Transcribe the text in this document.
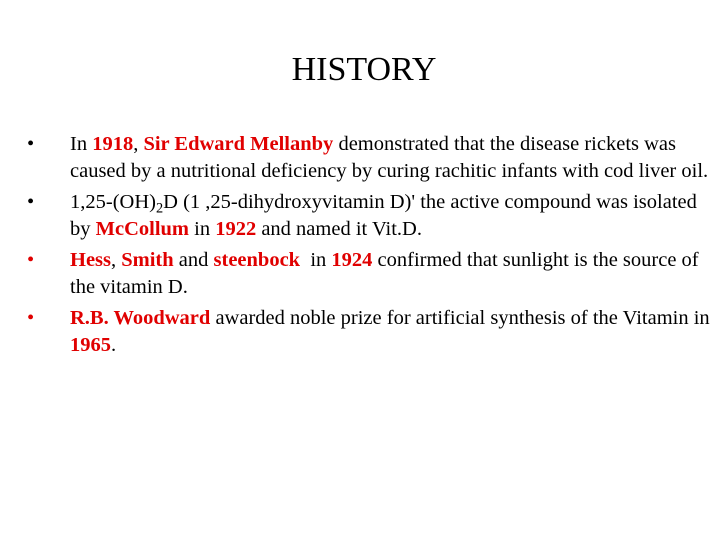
HISTORY
• In 1918, Sir Edward Mellanby demonstrated that the disease rickets was caused by a nutritional deficiency by curing rachitic infants with cod liver oil.
• $1,25-(OH)_2D$ (1 ,25-dihydroxyvitamin D)' the active compound was isolated by McCollum in 1922 and named it Vit.D.
• Hess, Smith and steenbock  in 1924 confirmed that sunlight is the source of the vitamin D.
• R.B. Woodward awarded noble prize for artificial synthesis of the Vitamin in 1965.
